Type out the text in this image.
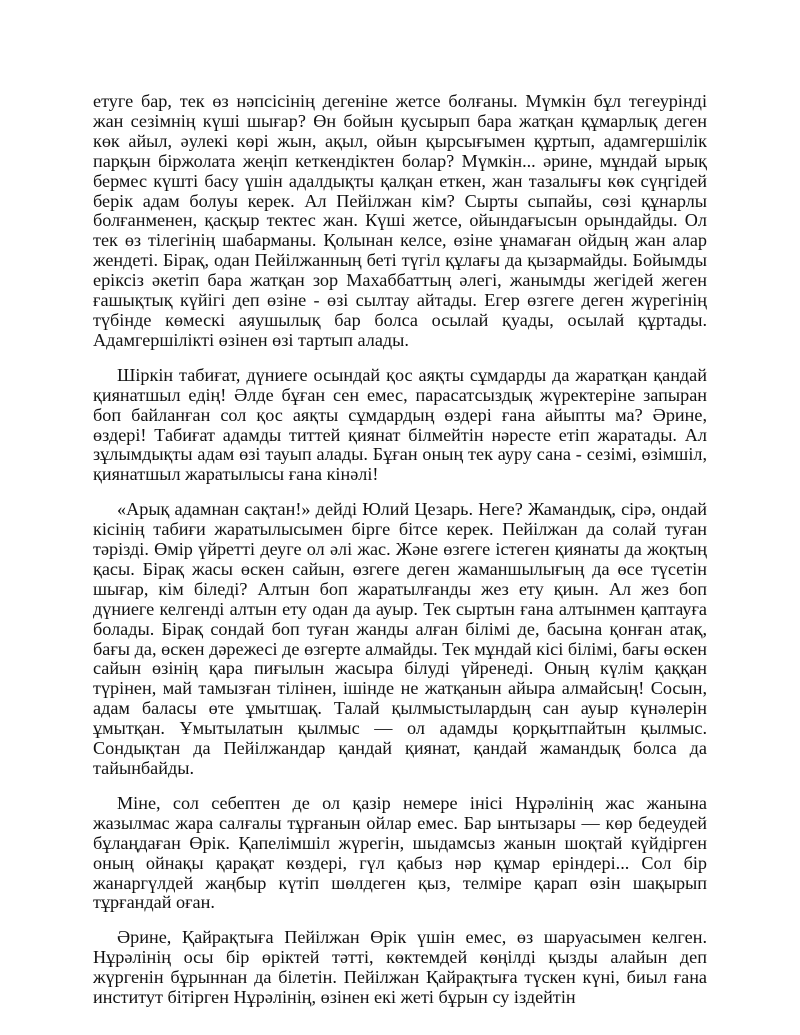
етуге бар, тек өз нәпсісінің дегеніне жетсе болғаны. Мүмкін бұл тегеурінді жан сезімнің күші шығар? Өн бойын қусырып бара жатқан құмарлық деген көк айыл, әулекі көрі жын, ақыл, ойын қырсығымен құртып, адамгершілік парқын біржолата жеңіп кеткендіктен болар? Мүмкін... әрине, мұндай ырық бермес күшті басу үшін адалдықты қалқан еткен, жан тазалығы көк сүңгідей берік адам болуы керек. Ал Пейілжан кім? Сырты сыпайы, сөзі құнарлы болғанменен, қасқыр тектес жан. Күші жетсе, ойындағысын орындайды. Ол тек өз тілегінің шабарманы. Қолынан келсе, өзіне ұнамаған ойдың жан алар жендеті. Бірақ, одан Пейілжанның беті түгіл құлағы да қызармайды. Бойымды еріксіз әкетіп бара жатқан зор Махаббаттың әлегі, жанымды жегідей жеген ғашықтық күйігі деп өзіне - өзі сылтау айтады. Егер өзгеге деген жүрегінің түбінде көмескі аяушылық бар болса осылай қуады, осылай құртады. Адамгершілікті өзінен өзі тартып алады.

Шіркін табиғат, дүниеге осындай қос аяқты сұмдарды да жаратқан қандай қиянатшыл едің! Әлде бұған сен емес, парасатсыздық жүректеріне запыран боп байланған сол қос аяқты сұмдардың өздері ғана айыпты ма? Әрине, өздері! Табиғат адамды титтей қиянат білмейтін нәресте етіп жаратады. Ал зұлымдықты адам өзі тауып алады. Бұған оның тек ауру сана - сезімі, өзімшіл, қиянатшыл жаратылысы ғана кінәлі!

«Арық адамнан сақтан!» дейді Юлий Цезарь. Неге? Жамандық, сірә, ондай кісінің табиғи жаратылысымен бірге бітсе керек. Пейілжан да солай туған тәрізді. Өмір үйретті деуге ол әлі жас. Және өзгеге істеген қиянаты да жоқтың қасы. Бірақ жасы өскен сайын, өзгеге деген жаманшылығың да өсе түсетін шығар, кім біледі? Алтын боп жаратылғанды жез ету қиын. Ал жез боп дүниеге келгенді алтын ету одан да ауыр. Тек сыртын ғана алтынмен қаптауға болады. Бірақ сондай боп туған жанды алған білімі де, басына қонған атақ, бағы да, өскен дәрежесі де өзгерте алмайды. Тек мұндай кісі білімі, бағы өскен сайын өзінің қара пиғылын жасыра білуді үйренеді. Оның күлім қаққан түрінен, май тамызған тілінен, ішінде не жатқанын айыра алмайсың! Сосын, адам баласы өте ұмытшақ. Талай қылмыстылардың сан ауыр күнәлерін ұмытқан. Ұмытылатын қылмыс — ол адамды қорқытпайтын қылмыс. Сондықтан да Пейілжандар қандай қиянат, қандай жамандық болса да тайынбайды.

Міне, сол себептен де ол қазір немере інісі Нұрәлінің жас жанына жазылмас жара салғалы тұрғанын ойлар емес. Бар ынтызары — көр бедеудей бұлаңдаған Өрік. Қапелімшіл жүрегін, шыдамсыз жанын шоқтай күйдірген оның ойнақы қарақат көздері, гүл қабыз нәр құмар еріндері... Сол бір жанаргүлдей жаңбыр күтіп шөлдеген қыз, телміре қарап өзін шақырып тұрғандай оған.

Әрине, Қайрақтыға Пейілжан Өрік үшін емес, өз шаруасымен келген. Нұрәлінің осы бір өріктей тәтті, көктемдей көңілді қызды алайын деп жүргенін бұрыннан да білетін. Пейілжан Қайрақтыға түскен күні, биыл ғана институт бітірген Нұрәлінің, өзінен екі жеті бұрын су іздейтін
